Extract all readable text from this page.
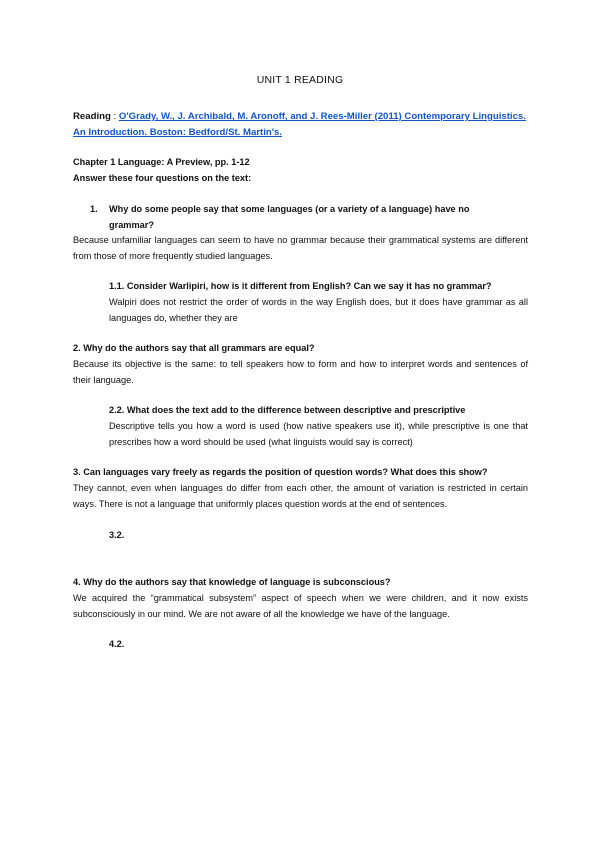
UNIT 1 READING
Reading : O'Grady, W., J. Archibald, M. Aronoff, and J. Rees-Miller (2011) Contemporary Linguistics.
An Introduction. Boston: Bedford/St. Martin's.
Chapter 1 Language: A Preview, pp. 1-12
Answer these four questions on the text:
1.	Why do some people say that some languages (or a variety of a language) have no
grammar?
Because unfamiliar languages can seem to have no grammar because their grammatical systems are different from those of more frequently studied languages.
1.1. Consider Warlipiri, how is it different from English? Can we say it has no grammar?
Walpiri does not restrict the order of words in the way English does, but it does have grammar as all languages do, whether they are
2. Why do the authors say that all grammars are equal?
Because its objective is the same: to tell speakers how to form and how to interpret words and sentences of their language.
2.2. What does the text add to the difference between descriptive and prescriptive
Descriptive tells you how a word is used (how native speakers use it), while prescriptive is one that prescribes how a word should be used (what linguists would say is correct)
3. Can languages vary freely as regards the position of question words? What does this show?
They cannot, even when languages do differ from each other, the amount of variation is restricted in certain ways. There is not a language that uniformly places question words at the end of sentences.
3.2.
4. Why do the authors say that knowledge of language is subconscious?
We acquired the “grammatical subsystem” aspect of speech when we were children, and it now exists subconsciously in our mind. We are not aware of all the knowledge we have of the language.
4.2.
